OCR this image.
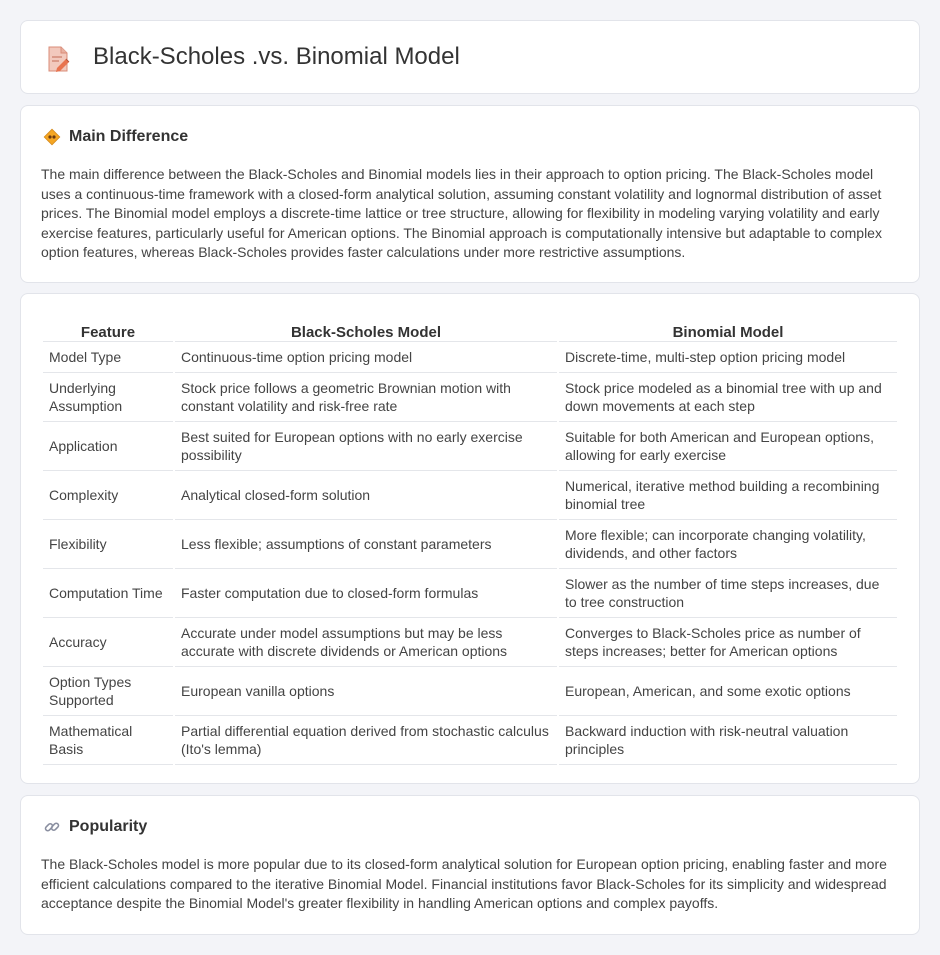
Black-Scholes .vs. Binomial Model
Main Difference

The main difference between the Black-Scholes and Binomial models lies in their approach to option pricing. The Black-Scholes model uses a continuous-time framework with a closed-form analytical solution, assuming constant volatility and lognormal distribution of asset prices. The Binomial model employs a discrete-time lattice or tree structure, allowing for flexibility in modeling varying volatility and early exercise features, particularly useful for American options. The Binomial approach is computationally intensive but adaptable to complex option features, whereas Black-Scholes provides faster calculations under more restrictive assumptions.

Feature	Black-Scholes Model	Binomial Model
Model Type	Continuous-time option pricing model	Discrete-time, multi-step option pricing model
Underlying Assumption	Stock price follows a geometric Brownian motion with constant volatility and risk-free rate	Stock price modeled as a binomial tree with up and down movements at each step
Application	Best suited for European options with no early exercise possibility	Suitable for both American and European options, allowing for early exercise
Complexity	Analytical closed-form solution	Numerical, iterative method building a recombining binomial tree
Flexibility	Less flexible; assumptions of constant parameters	More flexible; can incorporate changing volatility, dividends, and other factors
Computation Time	Faster computation due to closed-form formulas	Slower as the number of time steps increases, due to tree construction
Accuracy	Accurate under model assumptions but may be less accurate with discrete dividends or American options	Converges to Black-Scholes price as number of steps increases; better for American options
Option Types Supported	European vanilla options	European, American, and some exotic options
Mathematical Basis	Partial differential equation derived from stochastic calculus (Ito's lemma)	Backward induction with risk-neutral valuation principles
Popularity

The Black-Scholes model is more popular due to its closed-form analytical solution for European option pricing, enabling faster and more efficient calculations compared to the iterative Binomial Model. Financial institutions favor Black-Scholes for its simplicity and widespread acceptance despite the Binomial Model's greater flexibility in handling American options and complex payoffs.
